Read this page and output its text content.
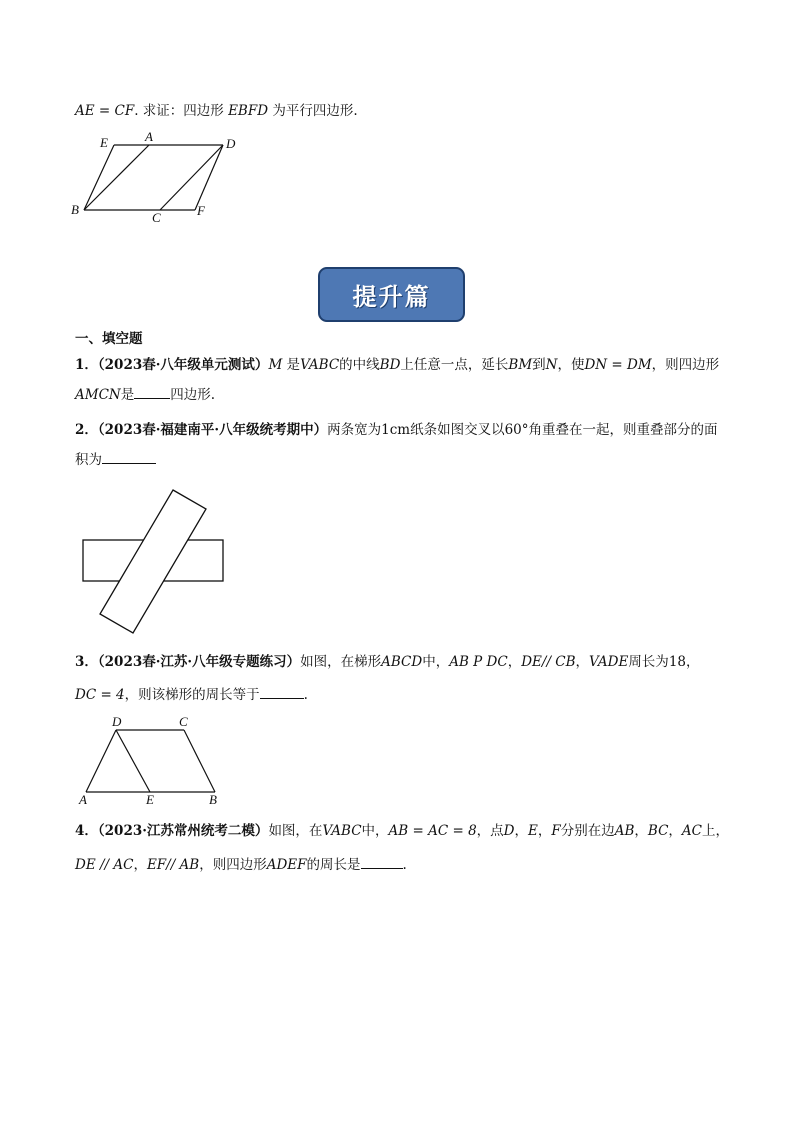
AE = CF. 求证：四边形 EBFD 为平行四边形.
E	A	D
B
C	F
提升篇
一、填空题
1．（2023春·八年级单元测试）M 是VABC的中线BD上任意一点，延长BM到N，使DN = DM，则四边形
AMCN是	四边形.
2．（2023春·福建南平·八年级统考期中）两条宽为1cm纸条如图交叉以60°角重叠在一起，则重叠部分的面
积为
3．（2023春·江苏·八年级专题练习）如图，在梯形ABCD中，AB P DC，DE// CB，VADE周长为18，
DC = 4，则该梯形的周长等于	.
D	C
A	E	B
4．（2023·江苏常州统考二模）如图，在VABC中，AB = AC = 8，点D，E，F分别在边AB，BC，AC上，
DE // AC，EF// AB，则四边形ADEF的周长是	.
